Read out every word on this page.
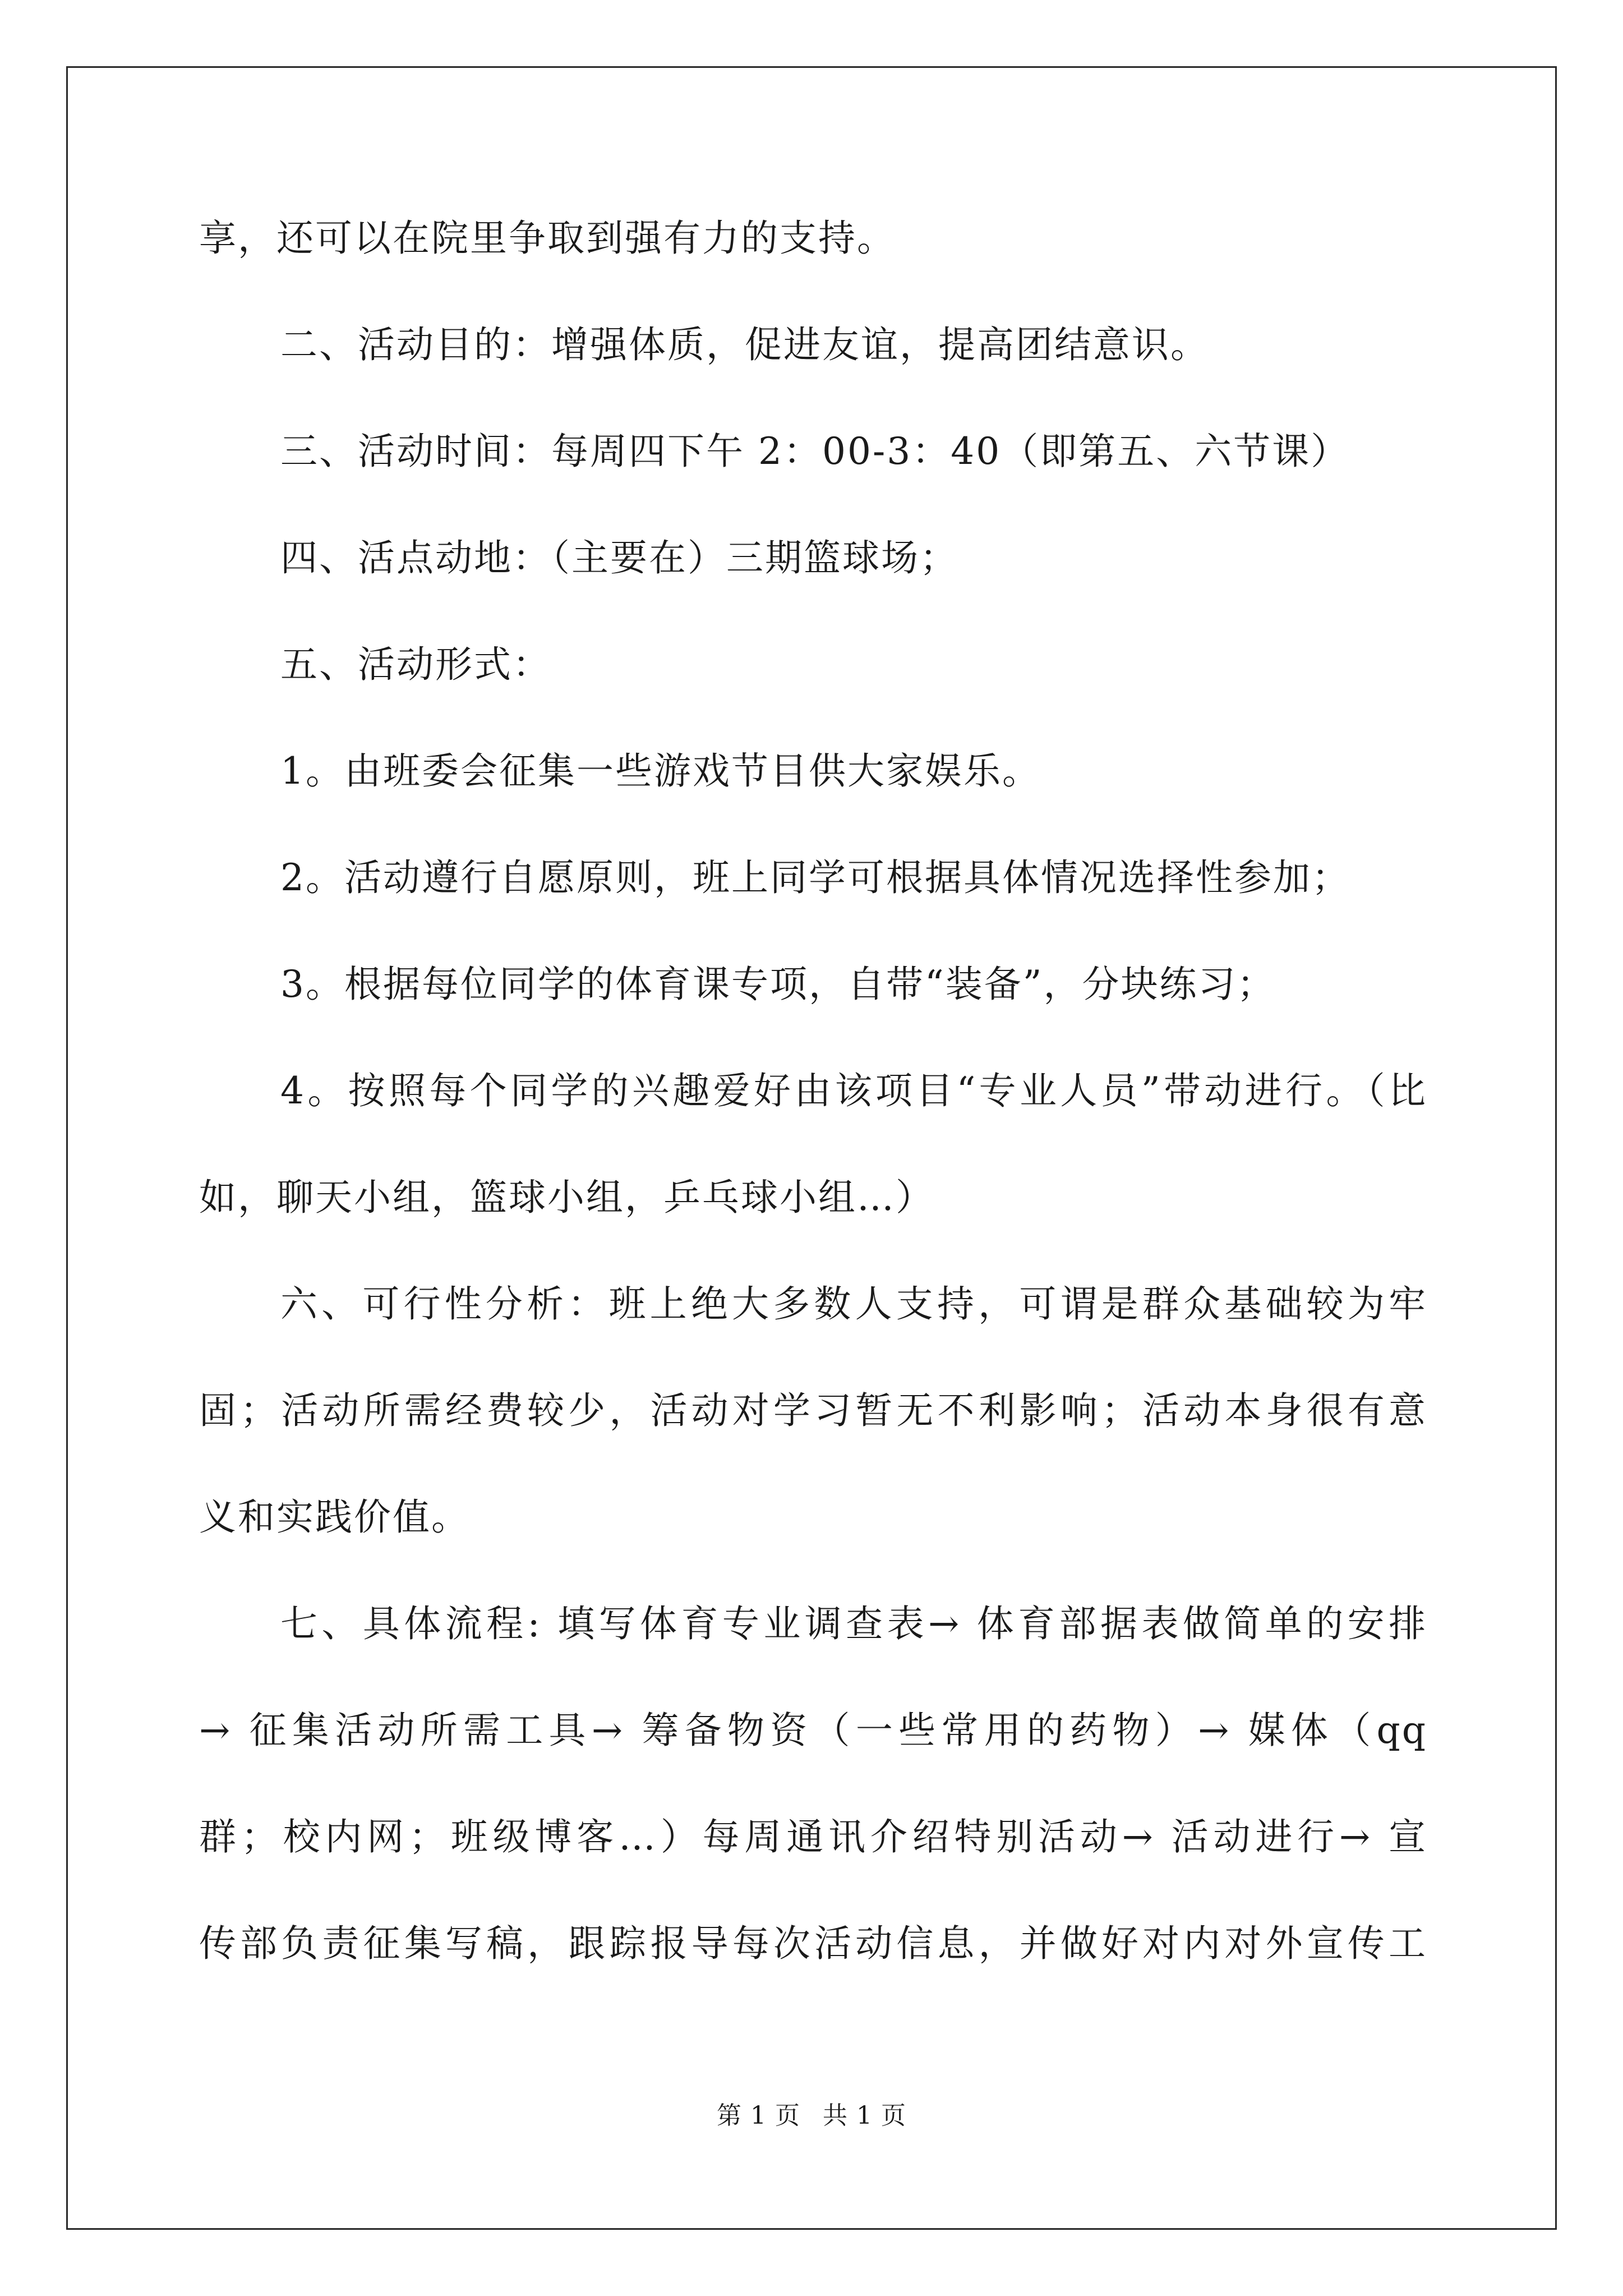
享，还可以在院里争取到强有力的支持。
二、活动目的：增强体质，促进友谊，提高团结意识。
三、活动时间：每周四下午 2：00-3：40（即第五、六节课）
四、活点动地：（主要在）三期篮球场；
五、活动形式：
1。由班委会征集一些游戏节目供大家娱乐。
2。活动遵行自愿原则，班上同学可根据具体情况选择性参加；
3。根据每位同学的体育课专项，自带“装备”，分块练习；
4。按照每个同学的兴趣爱好由该项目“专业人员”带动进行。（比
如，聊天小组，篮球小组，乒乓球小组…）
六、可行性分析：班上绝大多数人支持，可谓是群众基础较为牢
固；活动所需经费较少，活动对学习暂无不利影响；活动本身很有意
义和实践价值。
七、具体流程: 填写体育专业调查表→ 体育部据表做简单的安排
→ 征集活动所需工具→ 筹备物资（一些常用的药物）→ 媒体（qq
群；校内网；班级博客…）每周通讯介绍特别活动→ 活动进行→ 宣
传部负责征集写稿，跟踪报导每次活动信息，并做好对内对外宣传工
第 1 页 共 1 页
